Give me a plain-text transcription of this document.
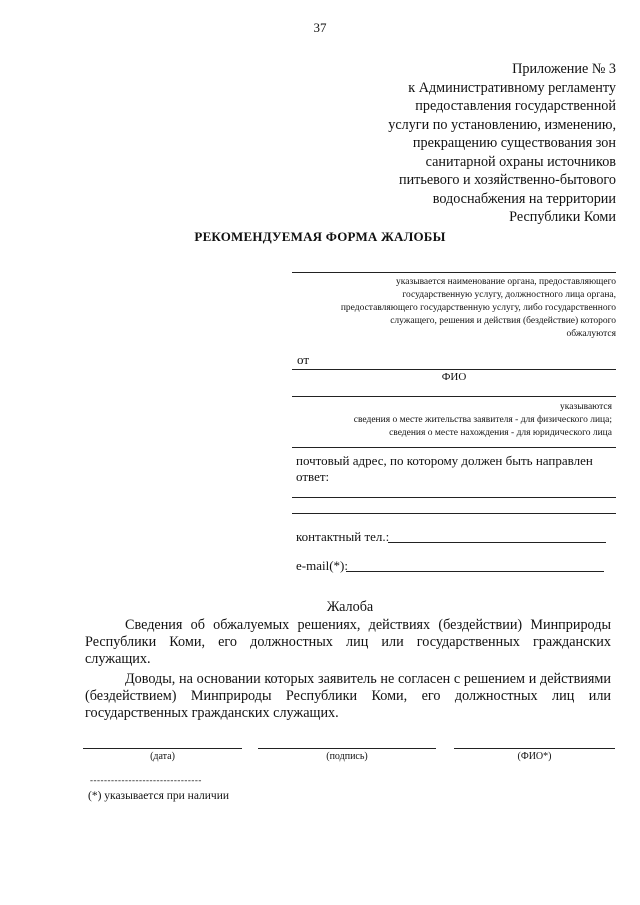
37
Приложение № 3
к Административному регламенту
предоставления государственной
услуги по установлению, изменению,
прекращению существования зон
санитарной охраны источников
питьевого и хозяйственно-бытового
водоснабжения на территории
Республики Коми
РЕКОМЕНДУЕМАЯ ФОРМА ЖАЛОБЫ
указывается наименование органа, предоставляющего
государственную услугу, должностного лица органа,
предоставляющего государственную услугу, либо государственного
служащего, решения и действия (бездействие) которого
обжалуются
от
ФИО
указываются
сведения о месте жительства заявителя - для физического лица;
сведения о месте нахождения - для юридического лица
почтовый адрес, по которому должен быть направлен
ответ:
контактный тел.:
e-mail(*):
Жалоба
Сведения об обжалуемых решениях, действиях (бездействии) Минприроды Республики Коми, его должностных лиц или государственных гражданских служащих.
Доводы, на основании которых заявитель не согласен с решением и действиями (бездействием) Минприроды Республики Коми, его должностных лиц или государственных гражданских служащих.
(дата)	(подпись)	(ФИО*)
--------------------------------
(*) указывается при наличии
